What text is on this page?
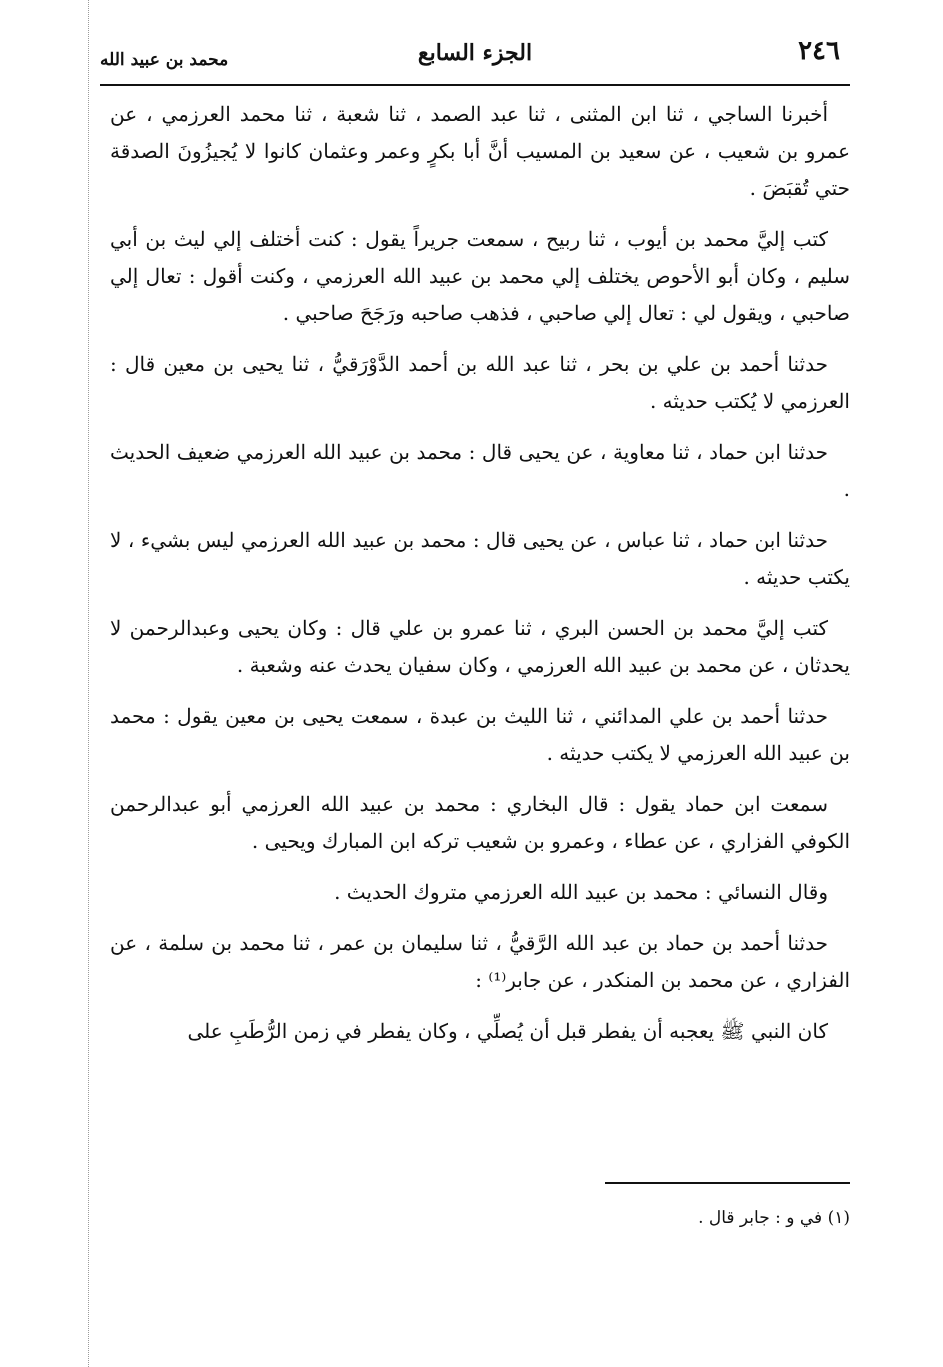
٢٤٦
الجزء السابع
محمد بن عبيد الله

أخبرنا الساجي ، ثنا ابن المثنى ، ثنا عبد الصمد ، ثنا شعبة ، ثنا محمد العرزمي ، عن عمرو بن شعيب ، عن سعيد بن المسيب أنَّ أبا بكرٍ وعمر وعثمان كانوا لا يُجيزُونَ الصدقة حتي تُقبَضَ .

كتب إليَّ محمد بن أيوب ، ثنا ربيح ، سمعت جريراً يقول : كنت أختلف إلي ليث بن أبي سليم ، وكان أبو الأحوص يختلف إلي محمد بن عبيد الله العرزمي ، وكنت أقول : تعال إلي صاحبي ، ويقول لي : تعال إلي صاحبي ، فذهب صاحبه ورَجَحَ صاحبي .

حدثنا أحمد بن علي بن بحر ، ثنا عبد الله بن أحمد الدَّوْرَقيُّ ، ثنا يحيى بن معين قال : العرزمي لا يُكتب حديثه .

حدثنا ابن حماد ، ثنا معاوية ، عن يحيى قال : محمد بن عبيد الله العرزمي ضعيف الحديث .

حدثنا ابن حماد ، ثنا عباس ، عن يحيى قال : محمد بن عبيد الله العرزمي ليس بشيء ، لا يكتب حديثه .

كتب إليَّ محمد بن الحسن البري ، ثنا عمرو بن علي قال : وكان يحيى وعبدالرحمن لا يحدثان ، عن محمد بن عبيد الله العرزمي ، وكان سفيان يحدث عنه وشعبة .

حدثنا أحمد بن علي المدائني ، ثنا الليث بن عبدة ، سمعت يحيى بن معين يقول : محمد بن عبيد الله العرزمي لا يكتب حديثه .

سمعت ابن حماد يقول : قال البخاري : محمد بن عبيد الله العرزمي أبو عبدالرحمن الكوفي الفزاري ، عن عطاء ، وعمرو بن شعيب تركه ابن المبارك ويحيى .

وقال النسائي : محمد بن عبيد الله العرزمي متروك الحديث .

حدثنا أحمد بن حماد بن عبد الله الرَّقيُّ ، ثنا سليمان بن عمر ، ثنا محمد بن سلمة ، عن الفزاري ، عن محمد بن المنكدر ، عن جابر⁽¹⁾ :

كان النبي ﷺ يعجبه أن يفطر قبل أن يُصلِّي ، وكان يفطر في زمن الرُّطَبِ على

(١) في و : جابر قال .
